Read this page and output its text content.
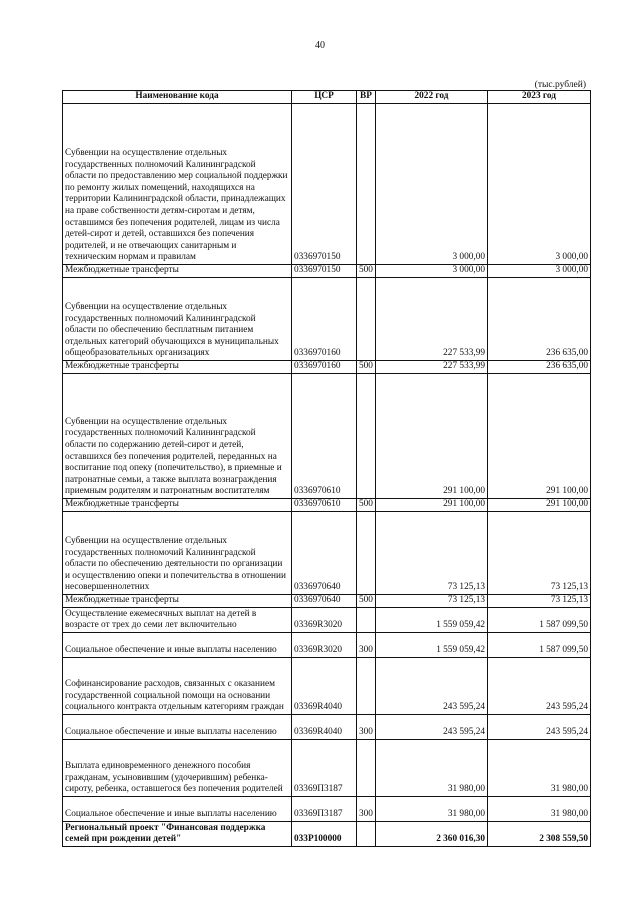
40
(тыс.рублей)
Наименование кода	ЦСР	ВР	2022 год	2023 год
Субвенции на осуществление отдельных государственных полномочий Калининградской области по предоставлению мер социальной поддержки по ремонту жилых помещений, находящихся на территории Калининградской области, принадлежащих на праве собственности детям-сиротам и детям, оставшимся без попечения родителей, лицам из числа детей-сирот и детей, оставшихся без попечения родителей, и не отвечающих санитарным и техническим нормам и правилам	0336970150		3 000,00	3 000,00
Межбюджетные трансферты	0336970150	500	3 000,00	3 000,00
Субвенции на осуществление отдельных государственных полномочий Калининградской области по обеспечению бесплатным питанием отдельных категорий обучающихся в муниципальных общеобразовательных организациях	0336970160		227 533,99	236 635,00
Межбюджетные трансферты	0336970160	500	227 533,99	236 635,00
Субвенции на осуществление отдельных государственных полномочий Калининградской области по содержанию детей-сирот и детей, оставшихся без попечения родителей, переданных на воспитание под опеку (попечительство), в приемные и патронатные семьи, а также выплата вознаграждения приемным родителям и патронатным воспитателям	0336970610		291 100,00	291 100,00
Межбюджетные трансферты	0336970610	500	291 100,00	291 100,00
Субвенции на осуществление отдельных государственных полномочий Калининградской области по обеспечению деятельности по организации и осуществлению опеки и попечительства в отношении несовершеннолетних	0336970640		73 125,13	73 125,13
Межбюджетные трансферты	0336970640	500	73 125,13	73 125,13
Осуществление ежемесячных выплат на детей в возрасте от трех до семи лет включительно	03369R3020		1 559 059,42	1 587 099,50
Социальное обеспечение и иные выплаты населению	03369R3020	300	1 559 059,42	1 587 099,50
Софинансирование расходов, связанных с оказанием государственной социальной помощи на основании социального контракта отдельным категориям граждан	03369R4040		243 595,24	243 595,24
Социальное обеспечение и иные выплаты населению	03369R4040	300	243 595,24	243 595,24
Выплата единовременного денежного пособия гражданам, усыновившим (удочерившим) ребенка-сироту, ребенка, оставшегося без попечения родителей	03369П3187		31 980,00	31 980,00
Социальное обеспечение и иные выплаты населению	03369П3187	300	31 980,00	31 980,00
Региональный проект "Финансовая поддержка семей при рождении детей"	033P100000		2 360 016,30	2 308 559,50
